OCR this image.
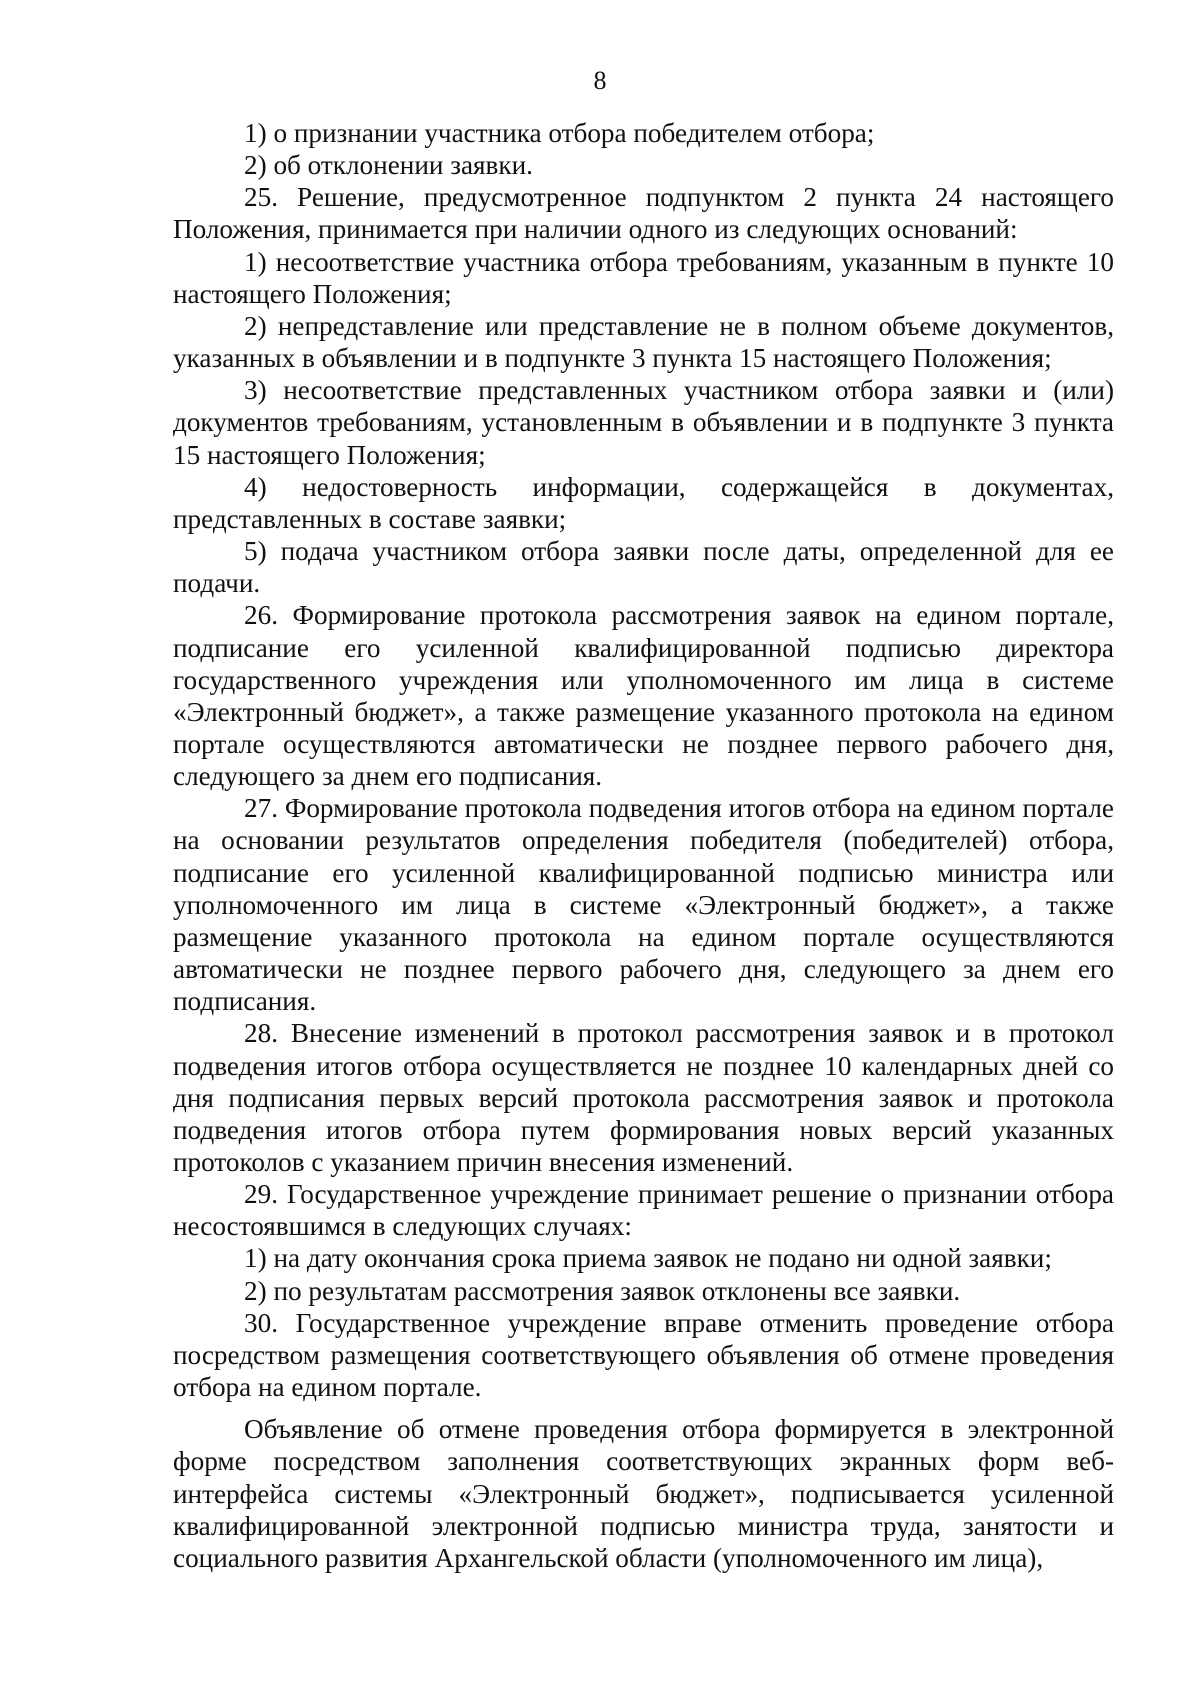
8

1) о признании участника отбора победителем отбора;

2) об отклонении заявки.

25. Решение, предусмотренное подпунктом 2 пункта 24 настоящего Положения, принимается при наличии одного из следующих оснований:

1) несоответствие участника отбора требованиям, указанным в пункте 10 настоящего Положения;

2) непредставление или представление не в полном объеме документов, указанных в объявлении и в подпункте 3 пункта 15 настоящего Положения;

3) несоответствие представленных участником отбора заявки и (или) документов требованиям, установленным в объявлении и в подпункте 3 пункта 15 настоящего Положения;

4) недостоверность информации, содержащейся в документах, представленных в составе заявки;

5) подача участником отбора заявки после даты, определенной для ее подачи.

26. Формирование протокола рассмотрения заявок на едином портале, подписание его усиленной квалифицированной подписью директора государственного учреждения или уполномоченного им лица в системе «Электронный бюджет», а также размещение указанного протокола на едином портале осуществляются автоматически не позднее первого рабочего дня, следующего за днем его подписания.

27. Формирование протокола подведения итогов отбора на едином портале на основании результатов определения победителя (победителей) отбора, подписание его усиленной квалифицированной подписью министра или уполномоченного им лица в системе «Электронный бюджет», а также размещение указанного протокола на едином портале осуществляются автоматически не позднее первого рабочего дня, следующего за днем его подписания.

28. Внесение изменений в протокол рассмотрения заявок и в протокол подведения итогов отбора осуществляется не позднее 10 календарных дней со дня подписания первых версий протокола рассмотрения заявок и протокола подведения итогов отбора путем формирования новых версий указанных протоколов с указанием причин внесения изменений.

29. Государственное учреждение принимает решение о признании отбора несостоявшимся в следующих случаях:

1) на дату окончания срока приема заявок не подано ни одной заявки;

2) по результатам рассмотрения заявок отклонены все заявки.

30. Государственное учреждение вправе отменить проведение отбора посредством размещения соответствующего объявления об отмене проведения отбора на едином портале.

Объявление об отмене проведения отбора формируется в электронной форме посредством заполнения соответствующих экранных форм веб-интерфейса системы «Электронный бюджет», подписывается усиленной квалифицированной электронной подписью министра труда, занятости и социального развития Архангельской области (уполномоченного им лица),
